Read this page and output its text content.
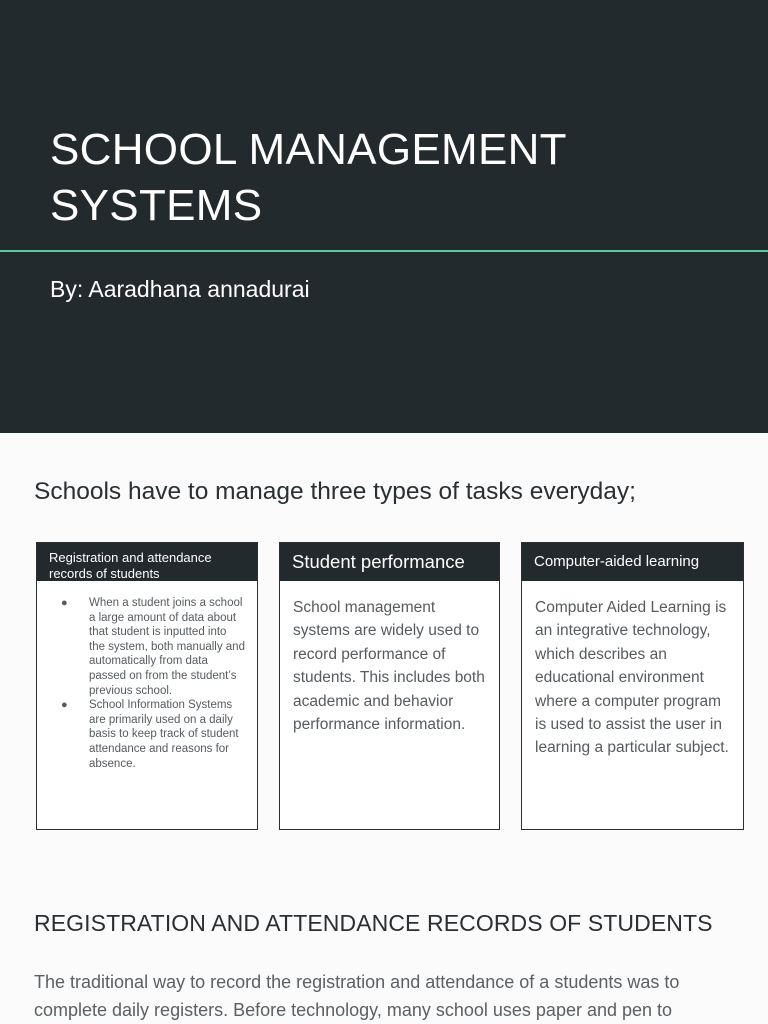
SCHOOL MANAGEMENT SYSTEMS

By: Aaradhana annadurai

Schools have to manage three types of tasks everyday;
Registration and attendance records of students
● When a student joins a school a large amount of data about that student is inputted into the system, both manually and automatically from data passed on from the student’s previous school.
● School Information Systems are primarily used on a daily basis to keep track of student attendance and reasons for absence.
Student performance
School management systems are widely used to record performance of students. This includes both academic and behavior performance information.
Computer-aided learning
Computer Aided Learning is an integrative technology, which describes an educational environment where a computer program is used to assist the user in learning a particular subject.
REGISTRATION AND ATTENDANCE RECORDS OF STUDENTS

The traditional way to record the registration and attendance of a students was to complete daily registers. Before technology, many school uses paper and pen to
